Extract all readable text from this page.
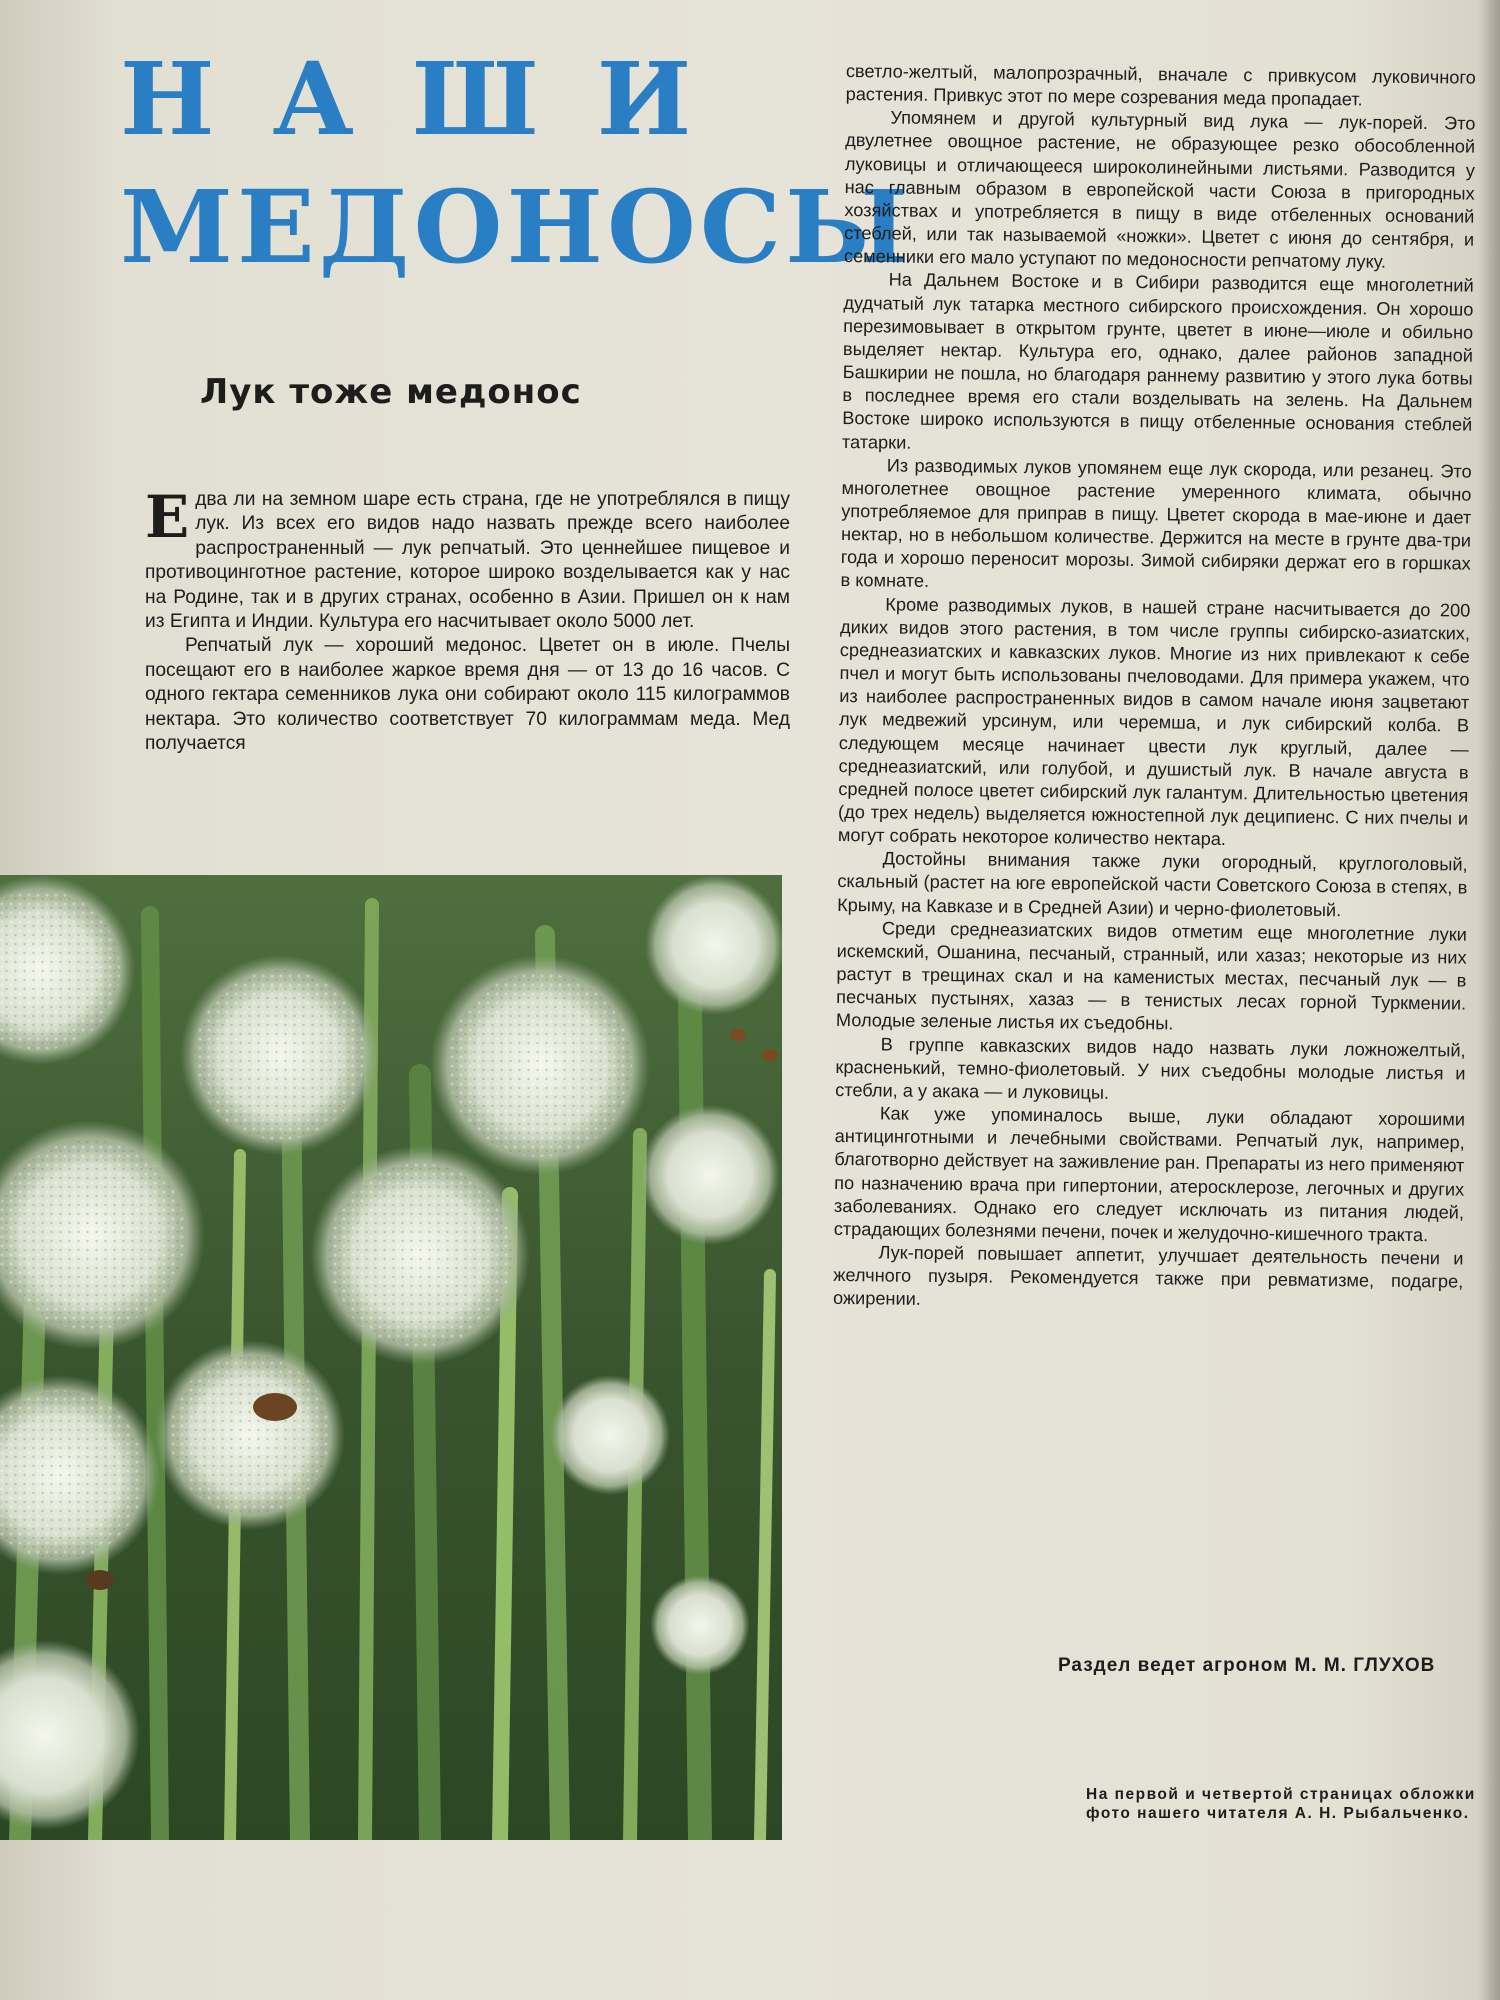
НАШИ
МЕДОНОСЫ
Лук тоже медонос

Едва ли на земном шаре есть страна, где не употреблялся в пищу лук. Из всех его видов надо назвать прежде всего наиболее распространенный — лук репчатый. Это ценнейшее пищевое и противоцинготное растение, которое широко возделывается как у нас на Родине, так и в других странах, особенно в Азии. Пришел он к нам из Египта и Индии. Культура его насчитывает около 5000 лет.

Репчатый лук — хороший медонос. Цветет он в июле. Пчелы посещают его в наиболее жаркое время дня — от 13 до 16 часов. С одного гектара семенников лука они собирают около 115 килограммов нектара. Это количество соответствует 70 килограммам меда. Мед получается

светло-желтый, малопрозрачный, вначале с привкусом луковичного растения. Привкус этот по мере созревания меда пропадает.

Упомянем и другой культурный вид лука — лук-порей. Это двулетнее овощное растение, не образующее резко обособленной луковицы и отличающееся широколинейными листьями. Разводится у нас главным образом в европейской части Союза в пригородных хозяйствах и употребляется в пищу в виде отбеленных оснований стеблей, или так называемой «ножки». Цветет с июня до сентября, и семенники его мало уступают по медоносности репчатому луку.

На Дальнем Востоке и в Сибири разводится еще многолетний дудчатый лук татарка местного сибирского происхождения. Он хорошо перезимовывает в открытом грунте, цветет в июне—июле и обильно выделяет нектар. Культура его, однако, далее районов западной Башкирии не пошла, но благодаря раннему развитию у этого лука ботвы в последнее время его стали возделывать на зелень. На Дальнем Востоке широко используются в пищу отбеленные основания стеблей татарки.

Из разводимых луков упомянем еще лук скорода, или резанец. Это многолетнее овощное растение умеренного климата, обычно употребляемое для приправ в пищу. Цветет скорода в мае-июне и дает нектар, но в небольшом количестве. Держится на месте в грунте два-три года и хорошо переносит морозы. Зимой сибиряки держат его в горшках в комнате.

Кроме разводимых луков, в нашей стране насчитывается до 200 диких видов этого растения, в том числе группы сибирско-азиатских, среднеазиатских и кавказских луков. Многие из них привлекают к себе пчел и могут быть использованы пчеловодами. Для примера укажем, что из наиболее распространенных видов в самом начале июня зацветают лук медвежий урсинум, или черемша, и лук сибирский колба. В следующем месяце начинает цвести лук круглый, далее — среднеазиатский, или голубой, и душистый лук. В начале августа в средней полосе цветет сибирский лук галантум. Длительностью цветения (до трех недель) выделяется южностепной лук деципиенс. С них пчелы и могут собрать некоторое количество нектара.

Достойны внимания также луки огородный, круглоголовый, скальный (растет на юге европейской части Советского Союза в степях, в Крыму, на Кавказе и в Средней Азии) и черно-фиолетовый.

Среди среднеазиатских видов отметим еще многолетние луки искемский, Ошанина, песчаный, странный, или хазаз; некоторые из них растут в трещинах скал и на каменистых местах, песчаный лук — в песчаных пустынях, хазаз — в тенистых лесах горной Туркмении. Молодые зеленые листья их съедобны.

В группе кавказских видов надо назвать луки ложножелтый, красненький, темно-фиолетовый. У них съедобны молодые листья и стебли, а у акака — и луковицы.

Как уже упоминалось выше, луки обладают хорошими антицинготными и лечебными свойствами. Репчатый лук, например, благотворно действует на заживление ран. Препараты из него применяют по назначению врача при гипертонии, атеросклерозе, легочных и других заболеваниях. Однако его следует исключать из питания людей, страдающих болезнями печени, почек и желудочно-кишечного тракта.

Лук-порей повышает аппетит, улучшает деятельность печени и желчного пузыря. Рекомендуется также при ревматизме, подагре, ожирении.

Раздел ведет агроном М. М. ГЛУХОВ
На первой и четвертой страницах обложки фото нашего читателя А. Н. Рыбальченко.
